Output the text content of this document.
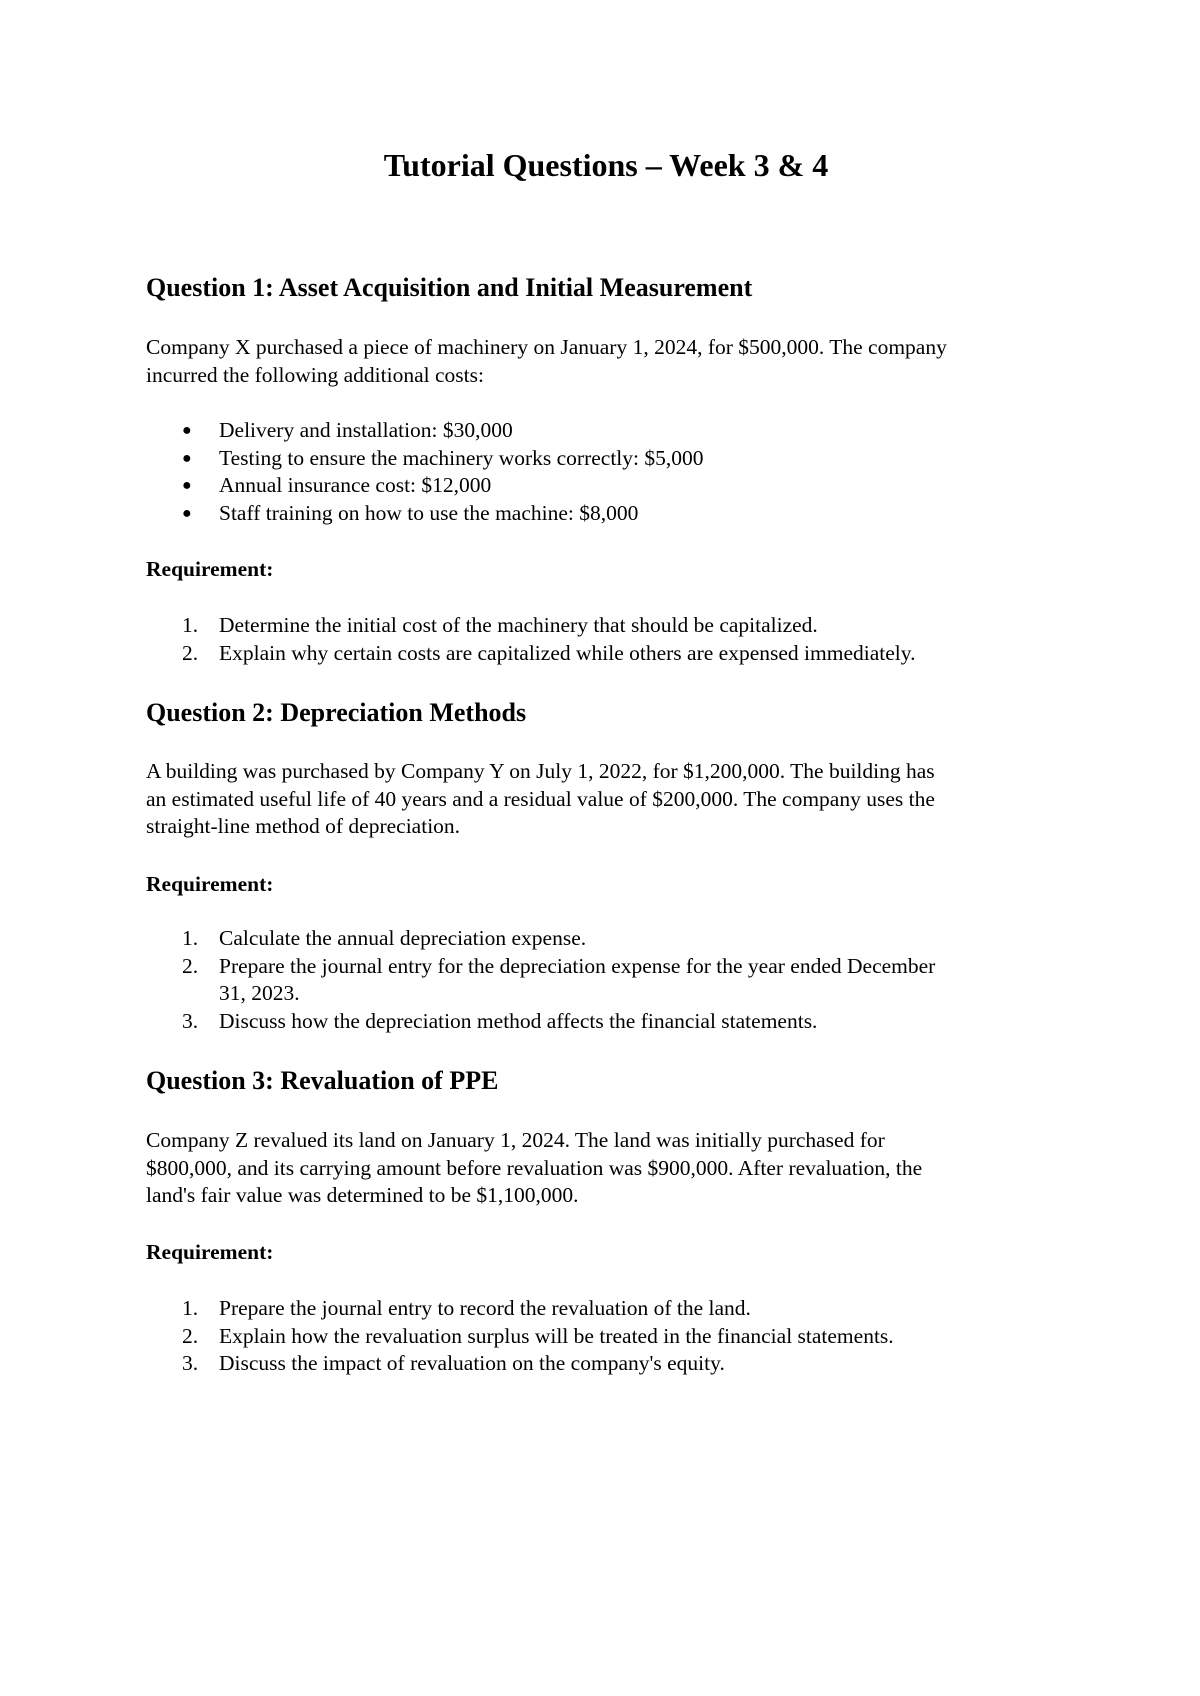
Tutorial Questions – Week 3 & 4
Question 1: Asset Acquisition and Initial Measurement
Company X purchased a piece of machinery on January 1, 2024, for $500,000. The company
incurred the following additional costs:
● Delivery and installation: $30,000
● Testing to ensure the machinery works correctly: $5,000
● Annual insurance cost: $12,000
● Staff training on how to use the machine: $8,000
Requirement:
1. Determine the initial cost of the machinery that should be capitalized.
2. Explain why certain costs are capitalized while others are expensed immediately.
Question 2: Depreciation Methods
A building was purchased by Company Y on July 1, 2022, for $1,200,000. The building has
an estimated useful life of 40 years and a residual value of $200,000. The company uses the
straight-line method of depreciation.
Requirement:
1. Calculate the annual depreciation expense.
2. Prepare the journal entry for the depreciation expense for the year ended December
31, 2023.
3. Discuss how the depreciation method affects the financial statements.
Question 3: Revaluation of PPE
Company Z revalued its land on January 1, 2024. The land was initially purchased for
$800,000, and its carrying amount before revaluation was $900,000. After revaluation, the
land's fair value was determined to be $1,100,000.
Requirement:
1. Prepare the journal entry to record the revaluation of the land.
2. Explain how the revaluation surplus will be treated in the financial statements.
3. Discuss the impact of revaluation on the company's equity.
